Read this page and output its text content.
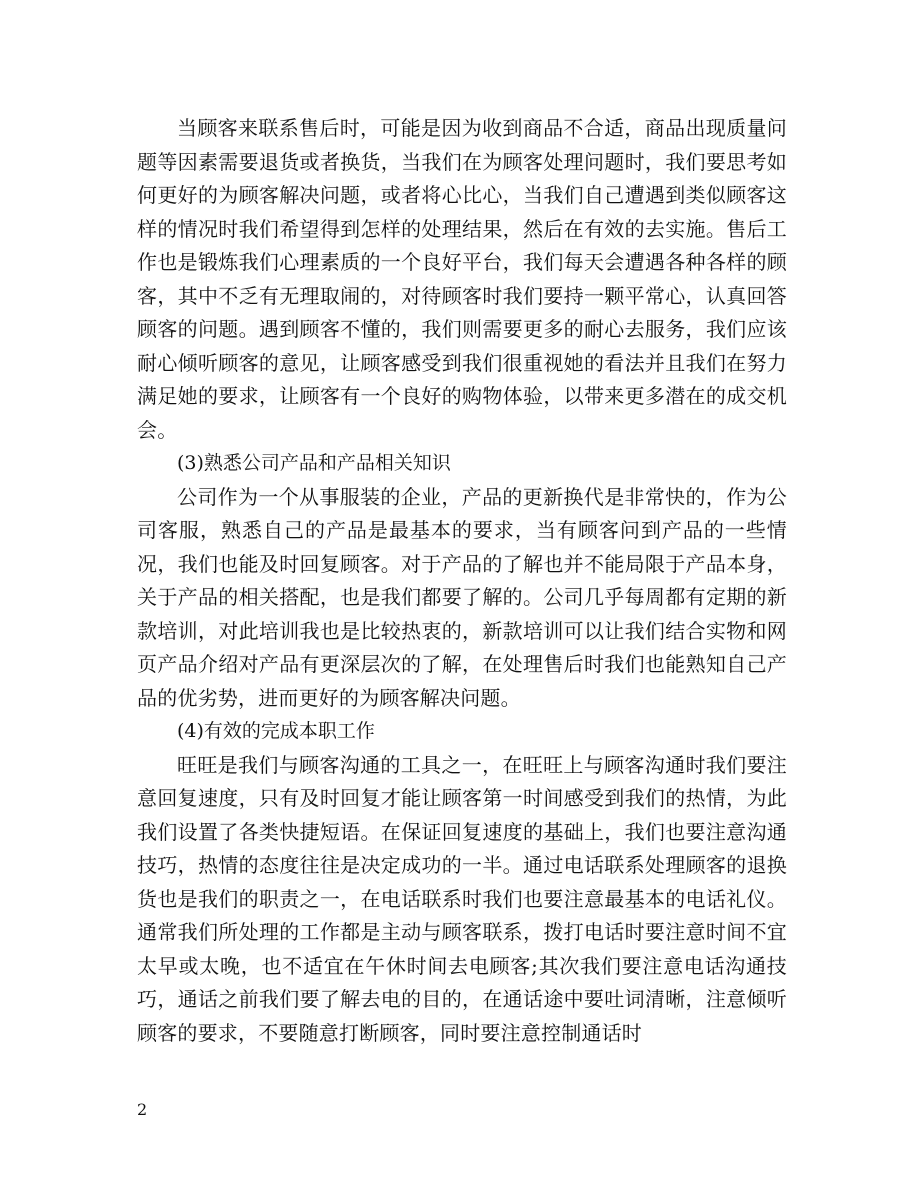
当顾客来联系售后时，可能是因为收到商品不合适，商品出现质量问题等因素需要退货或者换货，当我们在为顾客处理问题时，我们要思考如何更好的为顾客解决问题，或者将心比心，当我们自己遭遇到类似顾客这样的情况时我们希望得到怎样的处理结果，然后在有效的去实施。售后工作也是锻炼我们心理素质的一个良好平台，我们每天会遭遇各种各样的顾客，其中不乏有无理取闹的，对待顾客时我们要持一颗平常心，认真回答顾客的问题。遇到顾客不懂的，我们则需要更多的耐心去服务，我们应该耐心倾听顾客的意见，让顾客感受到我们很重视她的看法并且我们在努力满足她的要求，让顾客有一个良好的购物体验，以带来更多潜在的成交机会。

(3)熟悉公司产品和产品相关知识

公司作为一个从事服装的企业，产品的更新换代是非常快的，作为公司客服，熟悉自己的产品是最基本的要求，当有顾客问到产品的一些情况，我们也能及时回复顾客。对于产品的了解也并不能局限于产品本身，关于产品的相关搭配，也是我们都要了解的。公司几乎每周都有定期的新款培训，对此培训我也是比较热衷的，新款培训可以让我们结合实物和网页产品介绍对产品有更深层次的了解，在处理售后时我们也能熟知自己产品的优劣势，进而更好的为顾客解决问题。

(4)有效的完成本职工作

旺旺是我们与顾客沟通的工具之一，在旺旺上与顾客沟通时我们要注意回复速度，只有及时回复才能让顾客第一时间感受到我们的热情，为此我们设置了各类快捷短语。在保证回复速度的基础上，我们也要注意沟通技巧，热情的态度往往是决定成功的一半。通过电话联系处理顾客的退换货也是我们的职责之一，在电话联系时我们也要注意最基本的电话礼仪。通常我们所处理的工作都是主动与顾客联系，拨打电话时要注意时间不宜太早或太晚，也不适宜在午休时间去电顾客;其次我们要注意电话沟通技巧，通话之前我们要了解去电的目的，在通话途中要吐词清晰，注意倾听顾客的要求，不要随意打断顾客，同时要注意控制通话时

2
